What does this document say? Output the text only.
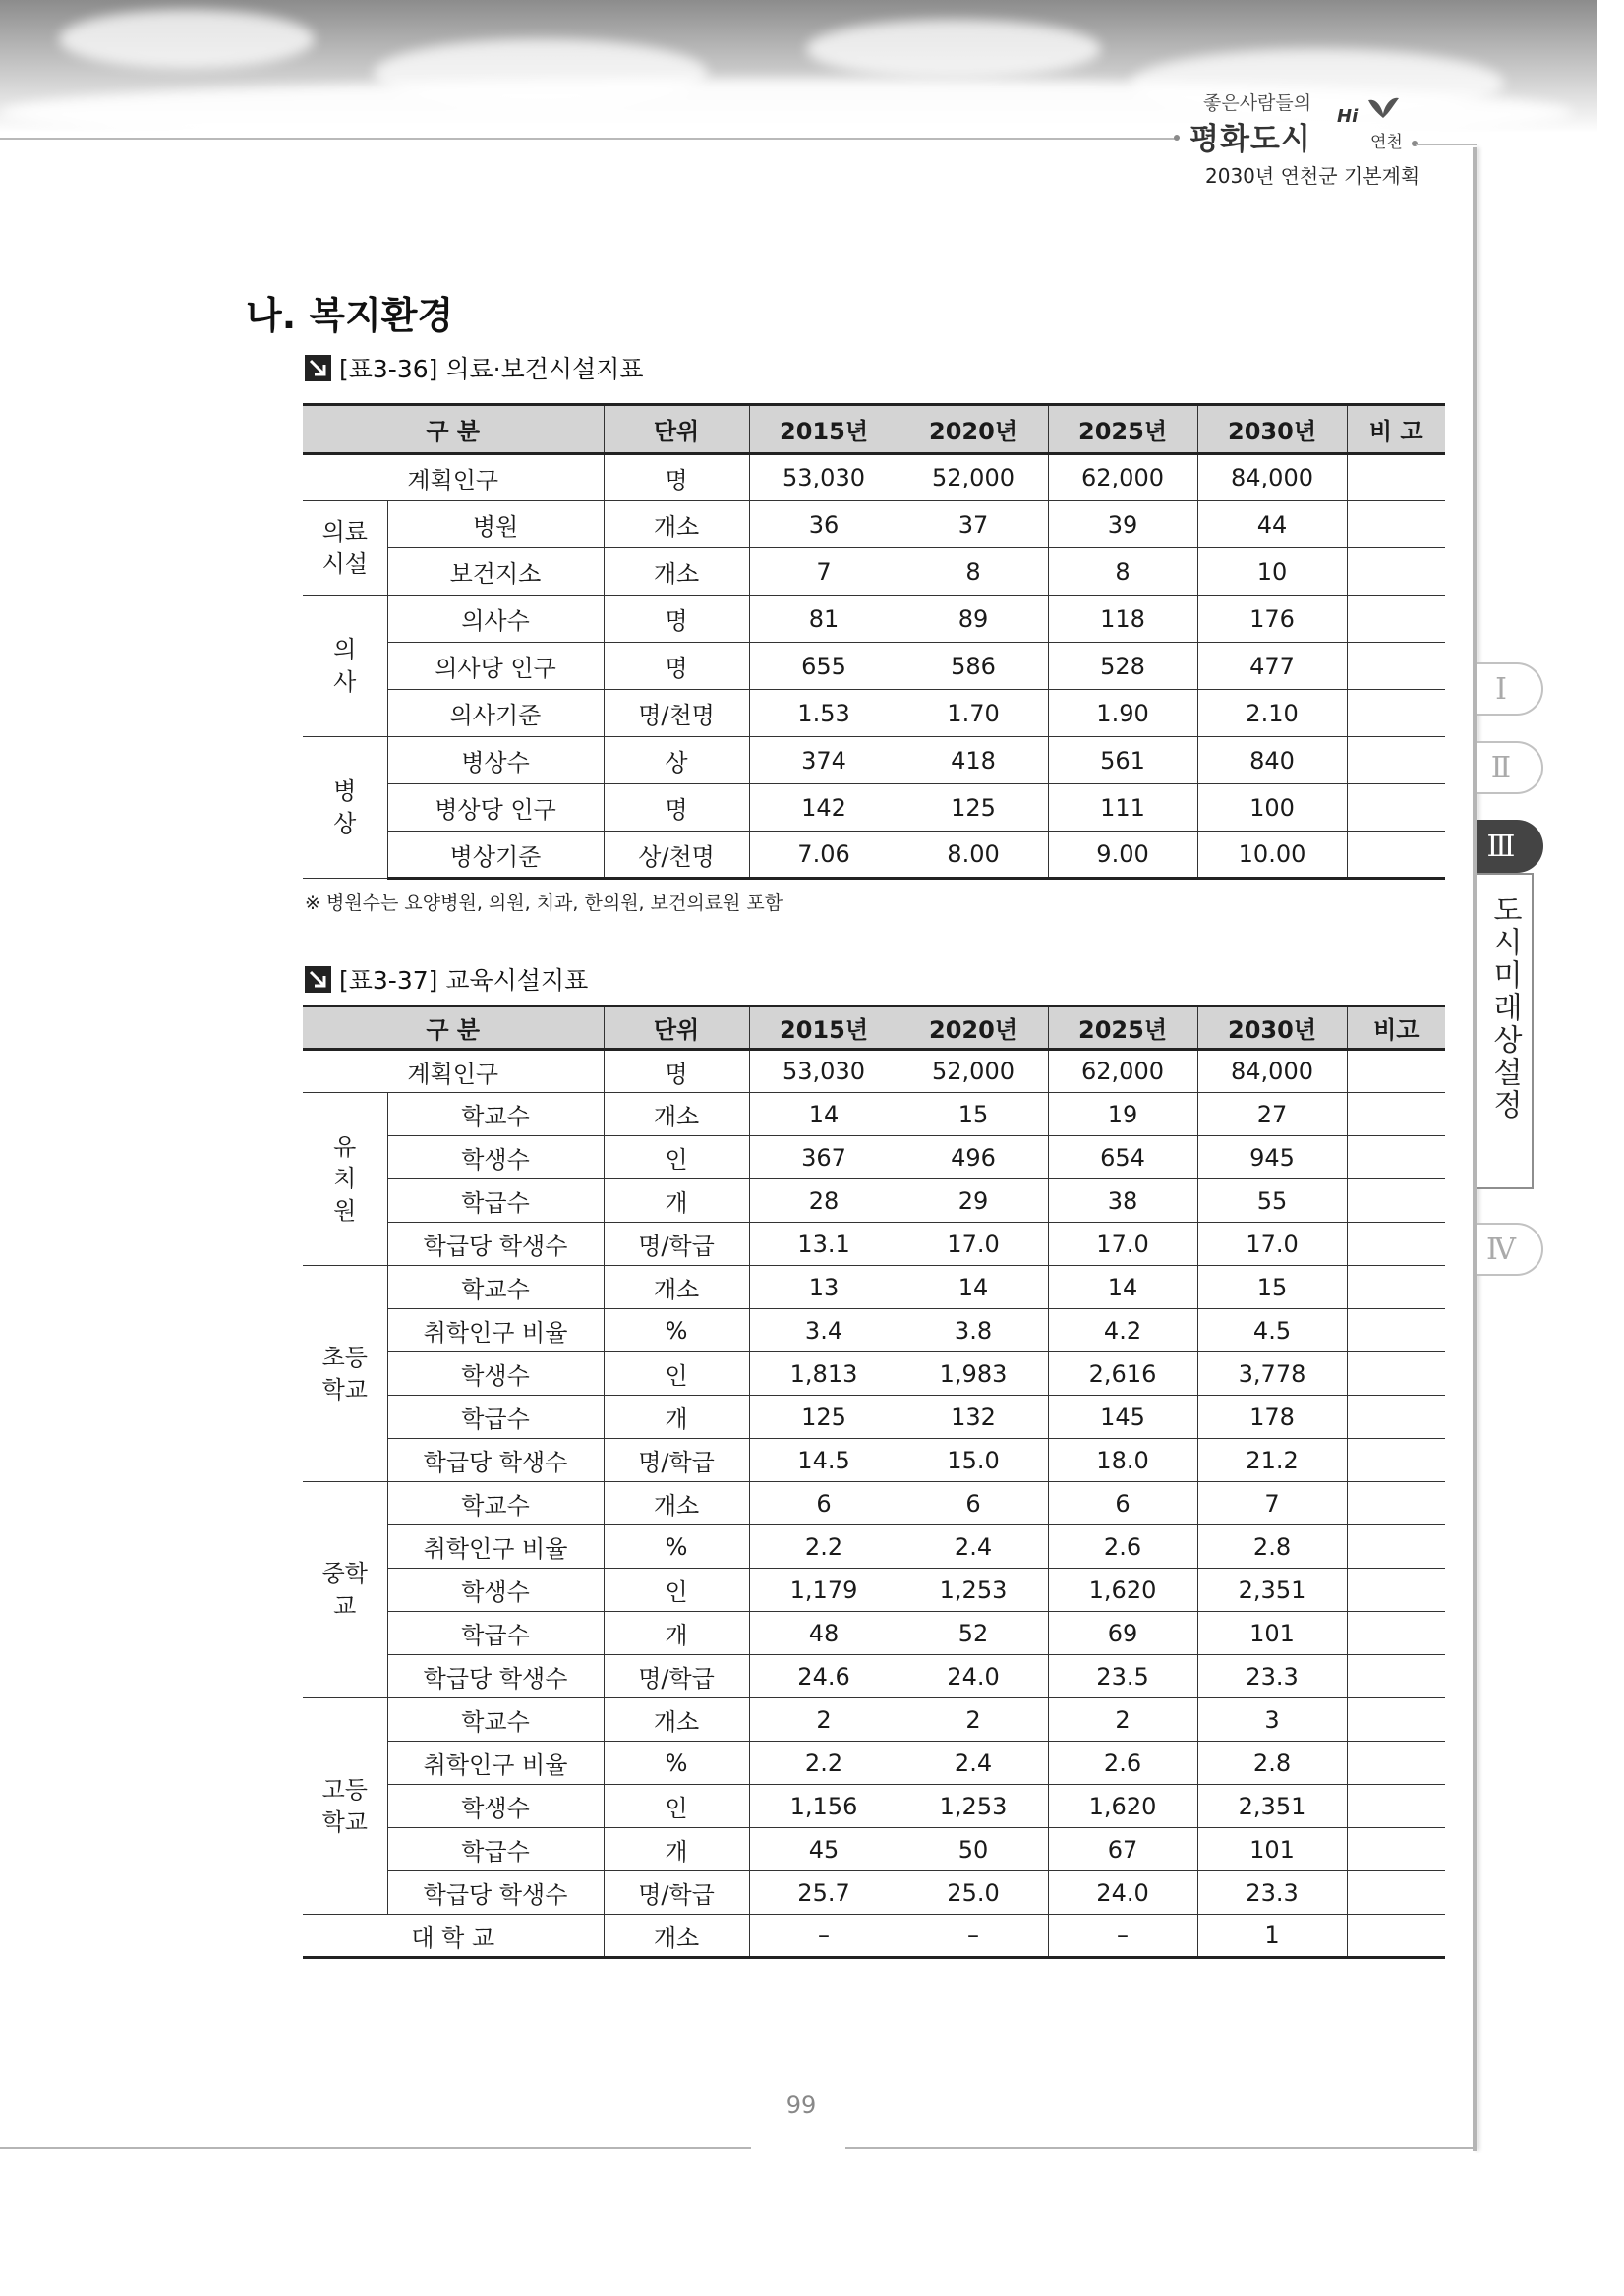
좋은사람들의
평화도시
Hi
연천
2030년 연천군 기본계획
나. 복지환경
[표3-36] 의료·보건시설지표
구 분		단위	2015년	2020년	2025년	2030년	비 고
계획인구		명	53,030	52,000	62,000	84,000	
의료
시설	병원	개소	36	37	39	44	
	보건지소	개소	7	8	8	10	
의
사	의사수	명	81	89	118	176	
	의사당 인구	명	655	586	528	477	
	의사기준	명/천명	1.53	1.70	1.90	2.10	
병
상	병상수	상	374	418	561	840	
	병상당 인구	명	142	125	111	100	
	병상기준	상/천명	7.06	8.00	9.00	10.00	
※ 병원수는 요양병원, 의원, 치과, 한의원, 보건의료원 포함
[표3-37] 교육시설지표
구 분		단위	2015년	2020년	2025년	2030년	비고
계획인구		명	53,030	52,000	62,000	84,000	
유
치
원	학교수	개소	14	15	19	27	
	학생수	인	367	496	654	945	
	학급수	개	28	29	38	55	
	학급당 학생수	명/학급	13.1	17.0	17.0	17.0	
초등
학교	학교수	개소	13	14	14	15	
	취학인구 비율	%	3.4	3.8	4.2	4.5	
	학생수	인	1,813	1,983	2,616	3,778	
	학급수	개	125	132	145	178	
	학급당 학생수	명/학급	14.5	15.0	18.0	21.2	
중학
교	학교수	개소	6	6	6	7	
	취학인구 비율	%	2.2	2.4	2.6	2.8	
	학생수	인	1,179	1,253	1,620	2,351	
	학급수	개	48	52	69	101	
	학급당 학생수	명/학급	24.6	24.0	23.5	23.3	
고등
학교	학교수	개소	2	2	2	3	
	취학인구 비율	%	2.2	2.4	2.6	2.8	
	학생수	인	1,156	1,253	1,620	2,351	
	학급수	개	45	50	67	101	
	학급당 학생수	명/학급	25.7	25.0	24.0	23.3	
대 학 교		개소	–	–	–	1	
Ⅰ
Ⅱ
Ⅲ
도시미래상설정
Ⅳ
99
